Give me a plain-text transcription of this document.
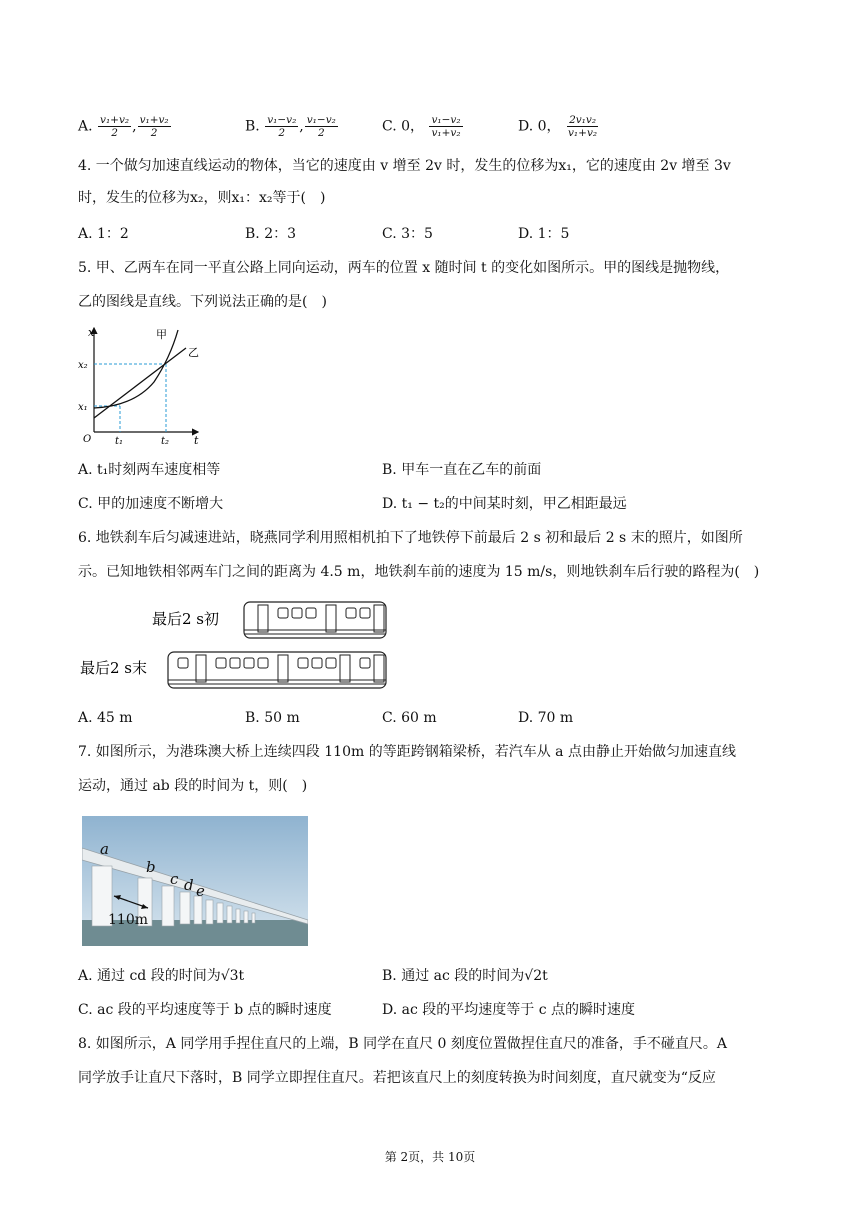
A. $\frac{\text{v₁+v₂}}{2}$ , $\frac{\text{v₁+v₂}}{2}$	B. $\frac{\text{v₁−v₂}}{2}$ , $\frac{\text{v₁−v₂}}{2}$	C. 0， $\frac{\text{v₁−v₂}}{\text{v₁+v₂}}$	D. 0， $\frac{\text{2v₁v₂}}{\text{v₁+v₂}}$
4. 一个做匀加速直线运动的物体，当它的速度由 v 增至 2v 时，发生的位移为x₁，它的速度由 2v 增至 3v
时，发生的位移为x₂，则x₁：x₂等于(　)
A. 1：2	B. 2：3	C. 3：5	D. 1：5
5. 甲、乙两车在同一平直公路上同向运动，两车的位置 x 随时间 t 的变化如图所示。甲的图线是抛物线，
乙的图线是直线。下列说法正确的是(　)
x
t
O
x₁
x₂
t₁	t₂
甲
乙
A. t₁时刻两车速度相等	B. 甲车一直在乙车的前面
C. 甲的加速度不断增大	D. t₁ − t₂的中间某时刻，甲乙相距最远
6. 地铁刹车后匀减速进站，晓燕同学利用照相机拍下了地铁停下前最后 2 s 初和最后 2 s 末的照片，如图所
示。已知地铁相邻两车门之间的距离为 4.5 m，地铁刹车前的速度为 15 m/s，则地铁刹车后行驶的路程为(　)
最后2 s初
最后2 s末
A. 45 m	B. 50 m	C. 60 m	D. 70 m
7. 如图所示，为港珠澳大桥上连续四段 110m 的等距跨钢箱梁桥，若汽车从 a 点由静止开始做匀加速直线
运动，通过 ab 段的时间为 t，则(　)
110m
a
b
c d e
A. 通过 cd 段的时间为√3t	B. 通过 ac 段的时间为√2t
C. ac 段的平均速度等于 b 点的瞬时速度	D. ac 段的平均速度等于 c 点的瞬时速度
8. 如图所示，A 同学用手捏住直尺的上端，B 同学在直尺 0 刻度位置做捏住直尺的准备，手不碰直尺。A
同学放手让直尺下落时，B 同学立即捏住直尺。若把该直尺上的刻度转换为时间刻度，直尺就变为“反应
第 2页，共 10页
